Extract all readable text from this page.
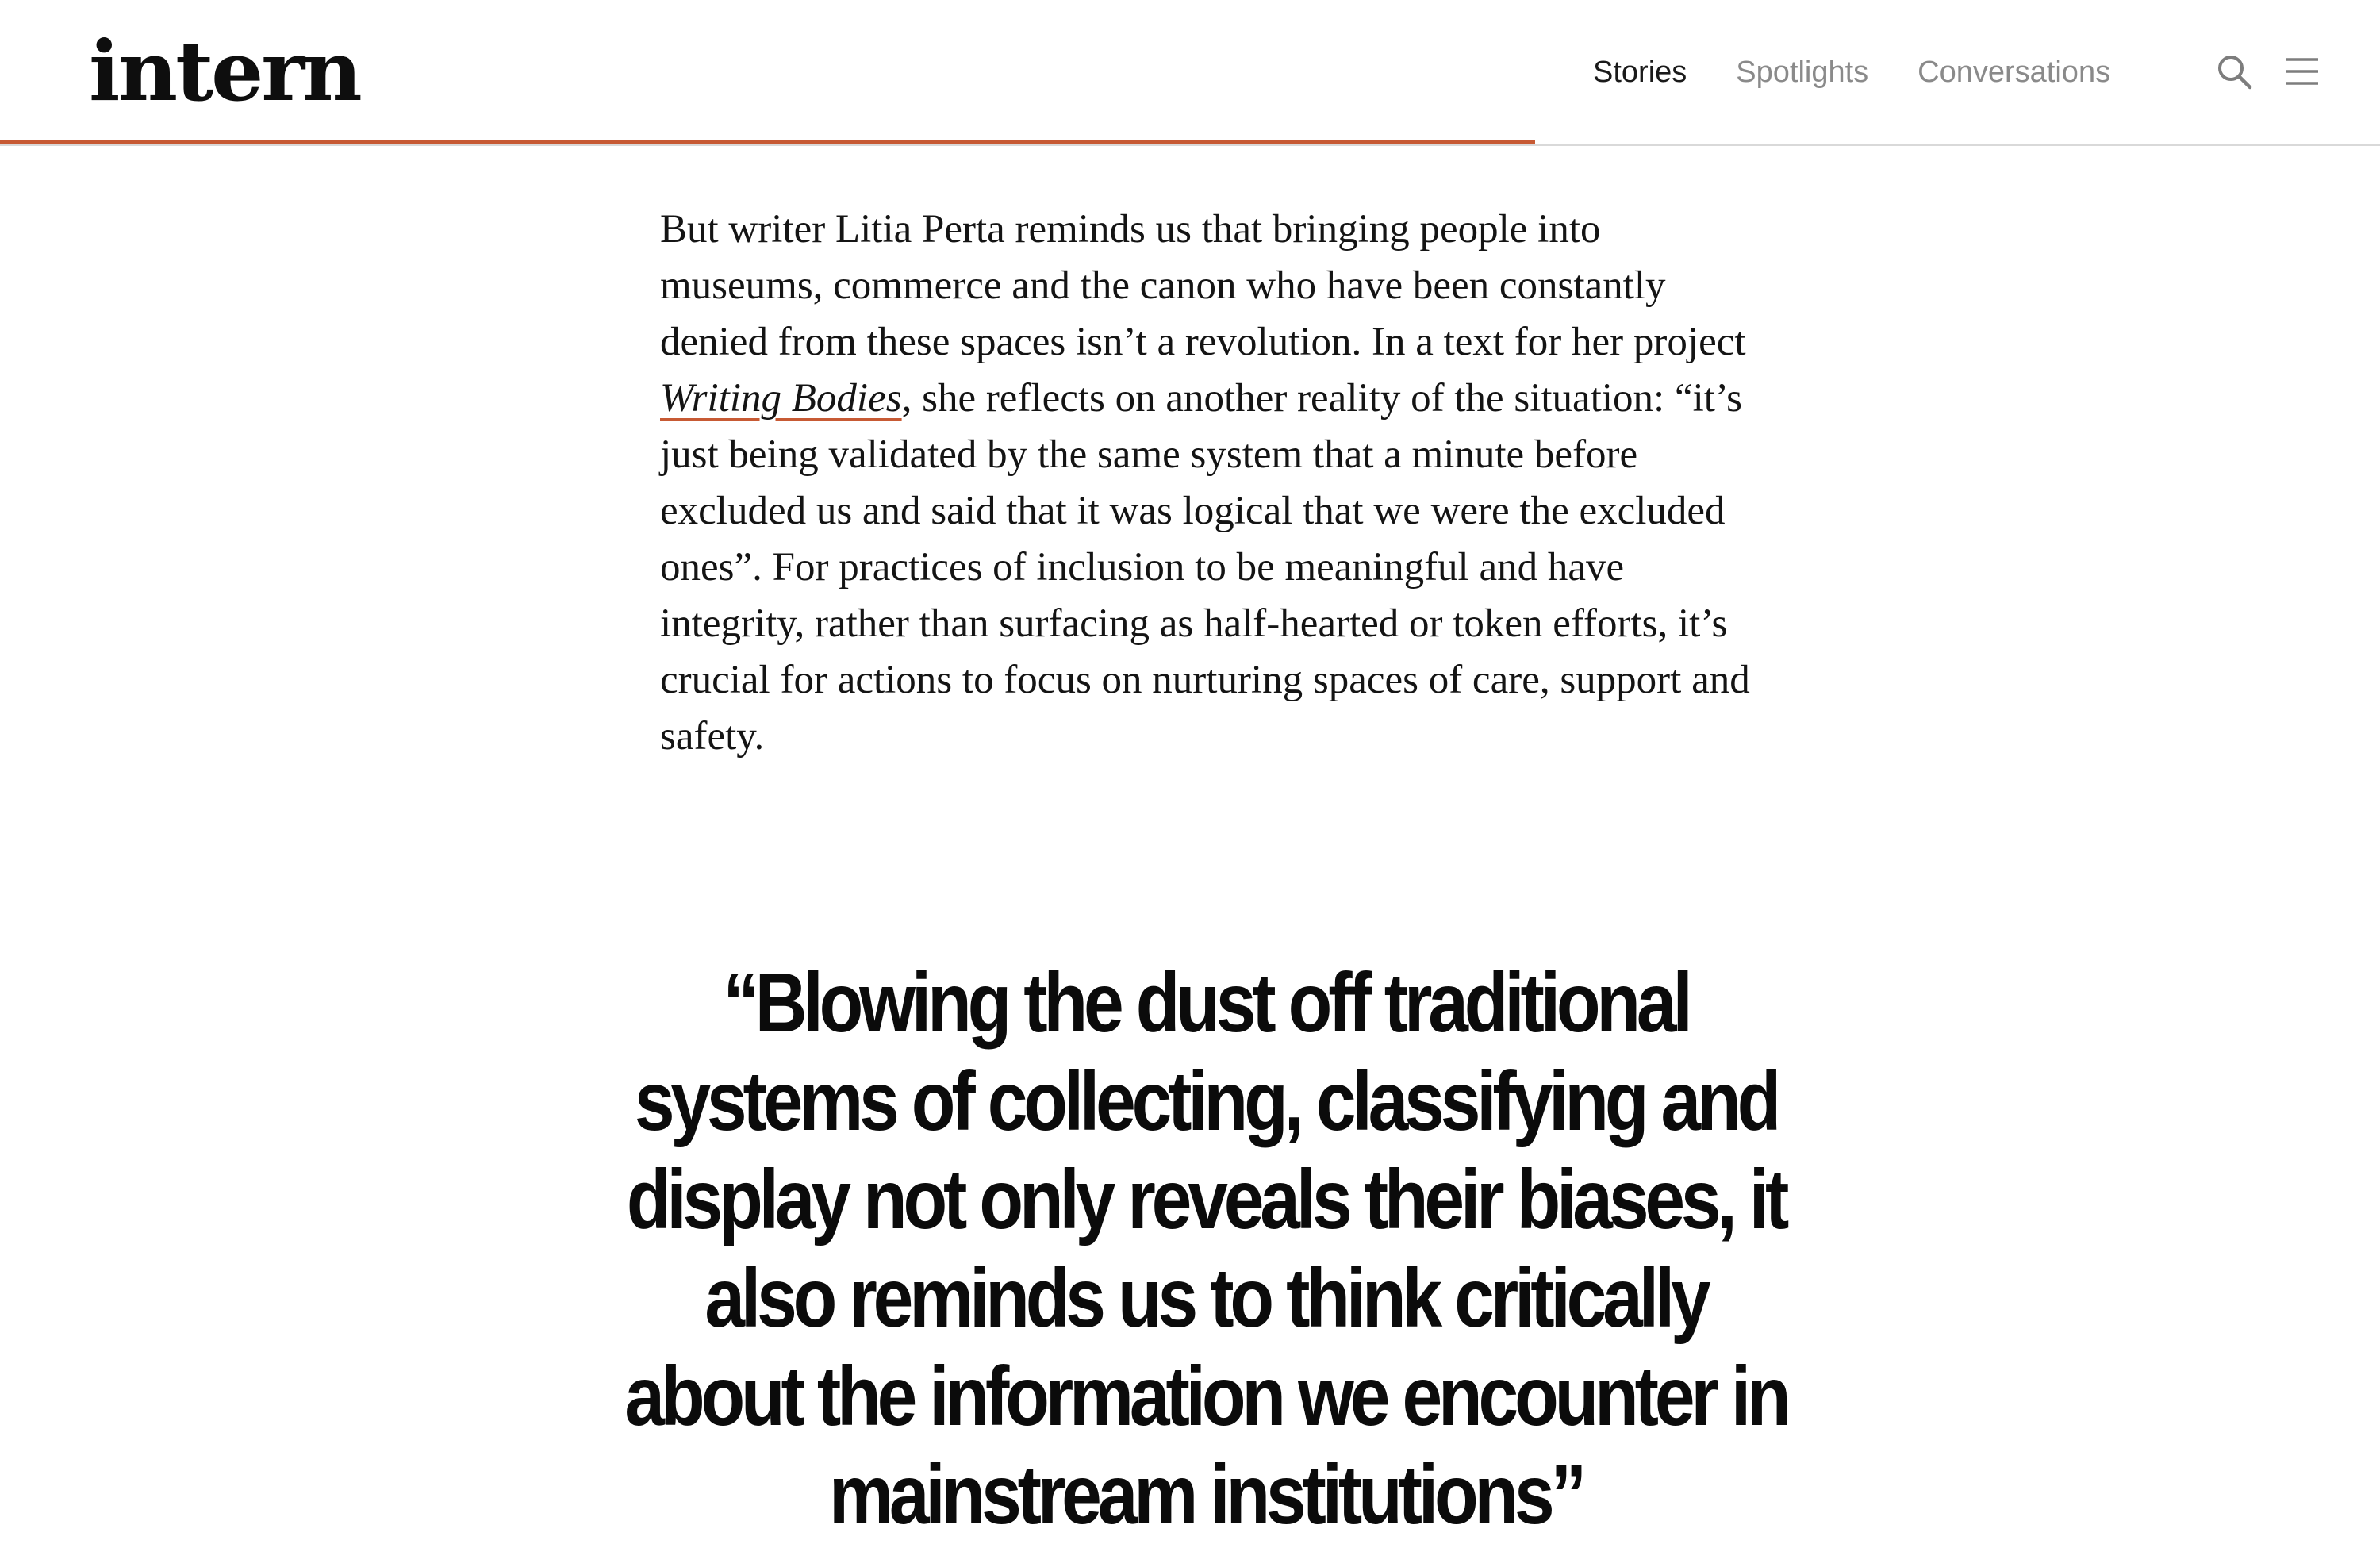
intern	Stories Spotlights Conversations

But writer Litia Perta reminds us that bringing people into museums, commerce and the canon who have been constantly denied from these spaces isn’t a revolution. In a text for her project Writing Bodies, she reflects on another reality of the situation: “it’s just being validated by the same system that a minute before excluded us and said that it was logical that we were the excluded ones”. For practices of inclusion to be meaningful and have integrity, rather than surfacing as half-hearted or token efforts, it’s crucial for actions to focus on nurturing spaces of care, support and safety.

“Blowing the dust off traditional systems of collecting, classifying and display not only reveals their biases, it also reminds us to think critically about the information we encounter in mainstream institutions”
